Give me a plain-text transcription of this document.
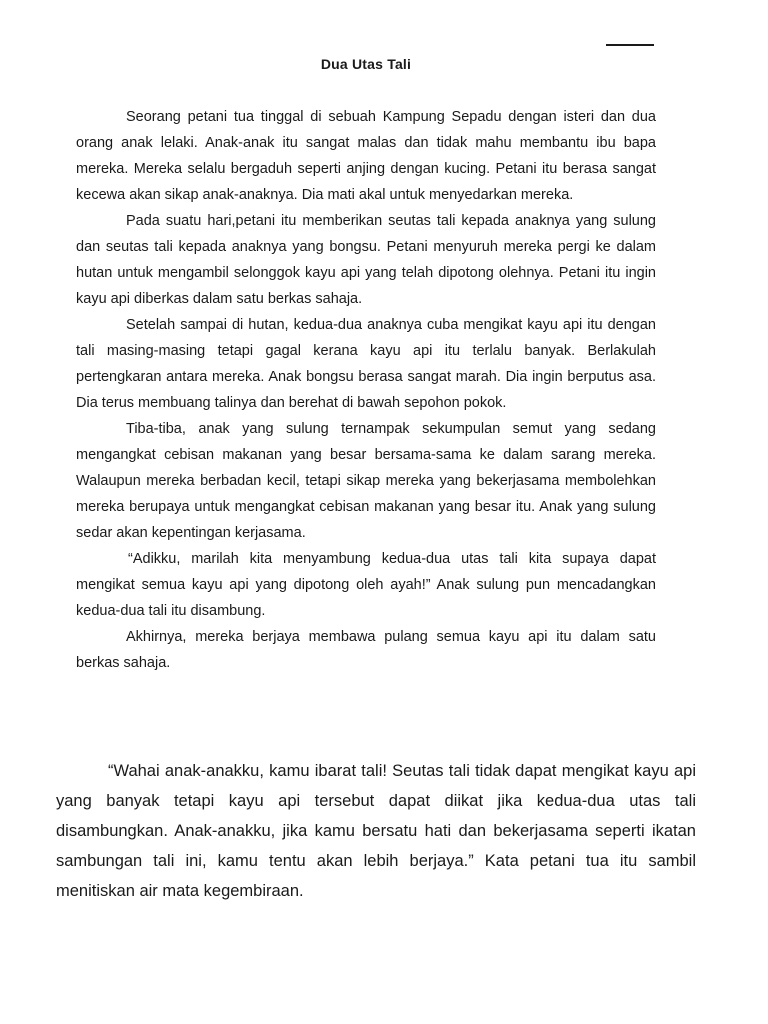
Dua Utas Tali

Seorang petani tua tinggal di sebuah Kampung Sepadu dengan isteri dan dua orang anak lelaki. Anak-anak itu sangat malas dan tidak mahu membantu ibu bapa mereka. Mereka selalu bergaduh seperti anjing dengan kucing. Petani itu berasa sangat kecewa akan sikap anak-anaknya. Dia mati akal untuk menyedarkan mereka.

Pada suatu hari,petani itu memberikan seutas tali kepada anaknya yang sulung dan seutas tali kepada anaknya yang bongsu. Petani menyuruh mereka pergi ke dalam hutan untuk mengambil selonggok kayu api yang telah dipotong olehnya. Petani itu ingin kayu api diberkas dalam satu berkas sahaja.

Setelah sampai di hutan, kedua-dua anaknya cuba mengikat kayu api itu dengan tali masing-masing tetapi gagal kerana kayu api itu terlalu banyak. Berlakulah pertengkaran antara mereka. Anak bongsu berasa sangat marah. Dia ingin berputus asa. Dia terus membuang talinya dan berehat di bawah sepohon pokok.

Tiba-tiba, anak yang sulung ternampak sekumpulan semut yang sedang mengangkat cebisan makanan yang besar bersama-sama ke dalam sarang mereka. Walaupun mereka berbadan kecil, tetapi sikap mereka yang bekerjasama membolehkan mereka berupaya untuk mengangkat cebisan makanan yang besar itu. Anak yang sulung sedar akan kepentingan kerjasama.

“Adikku, marilah kita menyambung kedua-dua utas tali kita supaya dapat mengikat semua kayu api yang dipotong oleh ayah!” Anak sulung pun mencadangkan kedua-dua tali itu disambung.

Akhirnya, mereka berjaya membawa pulang semua kayu api itu dalam satu berkas sahaja.

“Wahai anak-anakku, kamu ibarat tali! Seutas tali tidak dapat mengikat kayu api yang banyak tetapi kayu api tersebut dapat diikat jika kedua-dua utas tali disambungkan. Anak-anakku, jika kamu bersatu hati dan bekerjasama seperti ikatan sambungan tali ini, kamu tentu akan lebih berjaya.” Kata petani tua itu sambil menitiskan air mata kegembiraan.
